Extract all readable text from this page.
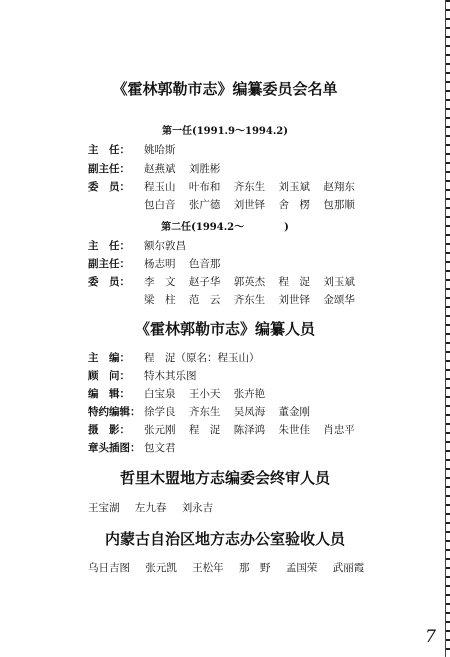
《霍林郭勒市志》编纂委员会名单
第一任(1991.9～1994.2)
主　任：	姚哈斯
副主任：	赵燕斌 刘胜彬
委　员：	程玉山 叶布和 齐东生 刘玉斌 赵翔东
包白音 张广德 刘世铎 舍　楞 包那顺
第二任(1994.2～　　　　)
主　任：	额尔敦昌
副主任：	杨志明 色音那
委　员：	李　文 赵子华 郭英杰 程　浞 刘玉斌
梁　柱 范　云 齐东生 刘世铎 金颂华
《霍林郭勒市志》编纂人员
主　编：	程　浞（原名：程玉山）
顾　问：	特木其乐图
编　辑：	白宝泉 王小天 张卉艳
特约编辑： 徐学良 齐东生 吴凤海 董金刚
摄　影：	张元刚 程　浞 陈泽鸿 朱世佳 肖忠平
章头插图： 包文君
哲里木盟地方志编委会终审人员
王宝湖 左九春 刘永吉
内蒙古自治区地方志办公室验收人员
乌日吉图 张元凯 王松年 那　野 孟国荣 武丽霞
7
